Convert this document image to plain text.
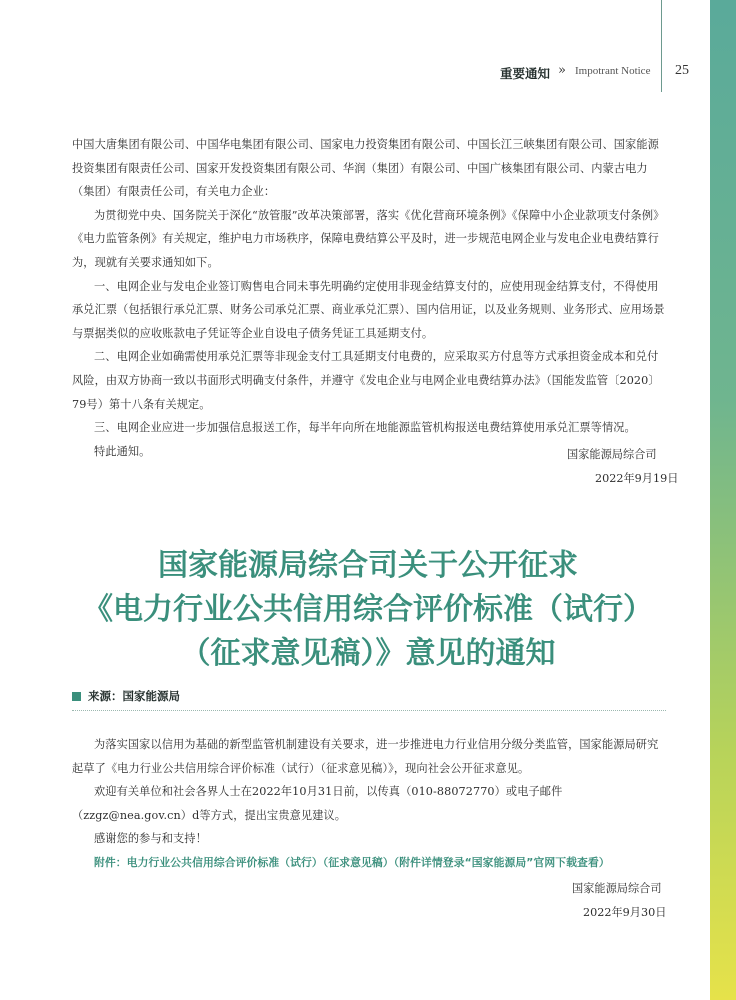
重要通知 » Impotrant Notice 25

中国大唐集团有限公司、中国华电集团有限公司、国家电力投资集团有限公司、中国长江三峡集团有限公司、国家能源投资集团有限责任公司、国家开发投资集团有限公司、华润（集团）有限公司、中国广核集团有限公司、内蒙古电力（集团）有限责任公司，有关电力企业：

为贯彻党中央、国务院关于深化“放管服”改革决策部署，落实《优化营商环境条例》《保障中小企业款项支付条例》《电力监管条例》有关规定，维护电力市场秩序，保障电费结算公平及时，进一步规范电网企业与发电企业电费结算行为，现就有关要求通知如下。

一、电网企业与发电企业签订购售电合同未事先明确约定使用非现金结算支付的，应使用现金结算支付，不得使用承兑汇票（包括银行承兑汇票、财务公司承兑汇票、商业承兑汇票）、国内信用证，以及业务规则、业务形式、应用场景与票据类似的应收账款电子凭证等企业自设电子债务凭证工具延期支付。

二、电网企业如确需使用承兑汇票等非现金支付工具延期支付电费的，应采取买方付息等方式承担资金成本和兑付风险，由双方协商一致以书面形式明确支付条件，并遵守《发电企业与电网企业电费结算办法》（国能发监管〔2020〕79号）第十八条有关规定。

三、电网企业应进一步加强信息报送工作，每半年向所在地能源监管机构报送电费结算使用承兑汇票等情况。

特此通知。	国家能源局综合司
2022年9月19日
国家能源局综合司关于公开征求
《电力行业公共信用综合评价标准（试行）
（征求意见稿）》意见的通知
来源：国家能源局

为落实国家以信用为基础的新型监管机制建设有关要求，进一步推进电力行业信用分级分类监管，国家能源局研究起草了《电力行业公共信用综合评价标准（试行）（征求意见稿）》，现向社会公开征求意见。

欢迎有关单位和社会各界人士在2022年10月31日前，以传真（010-88072770）或电子邮件（zzgz@nea.gov.cn）d等方式，提出宝贵意见建议。

感谢您的参与和支持！

附件：电力行业公共信用综合评价标准（试行）（征求意见稿）（附件详情登录“国家能源局”官网下载查看）

国家能源局综合司
2022年9月30日
